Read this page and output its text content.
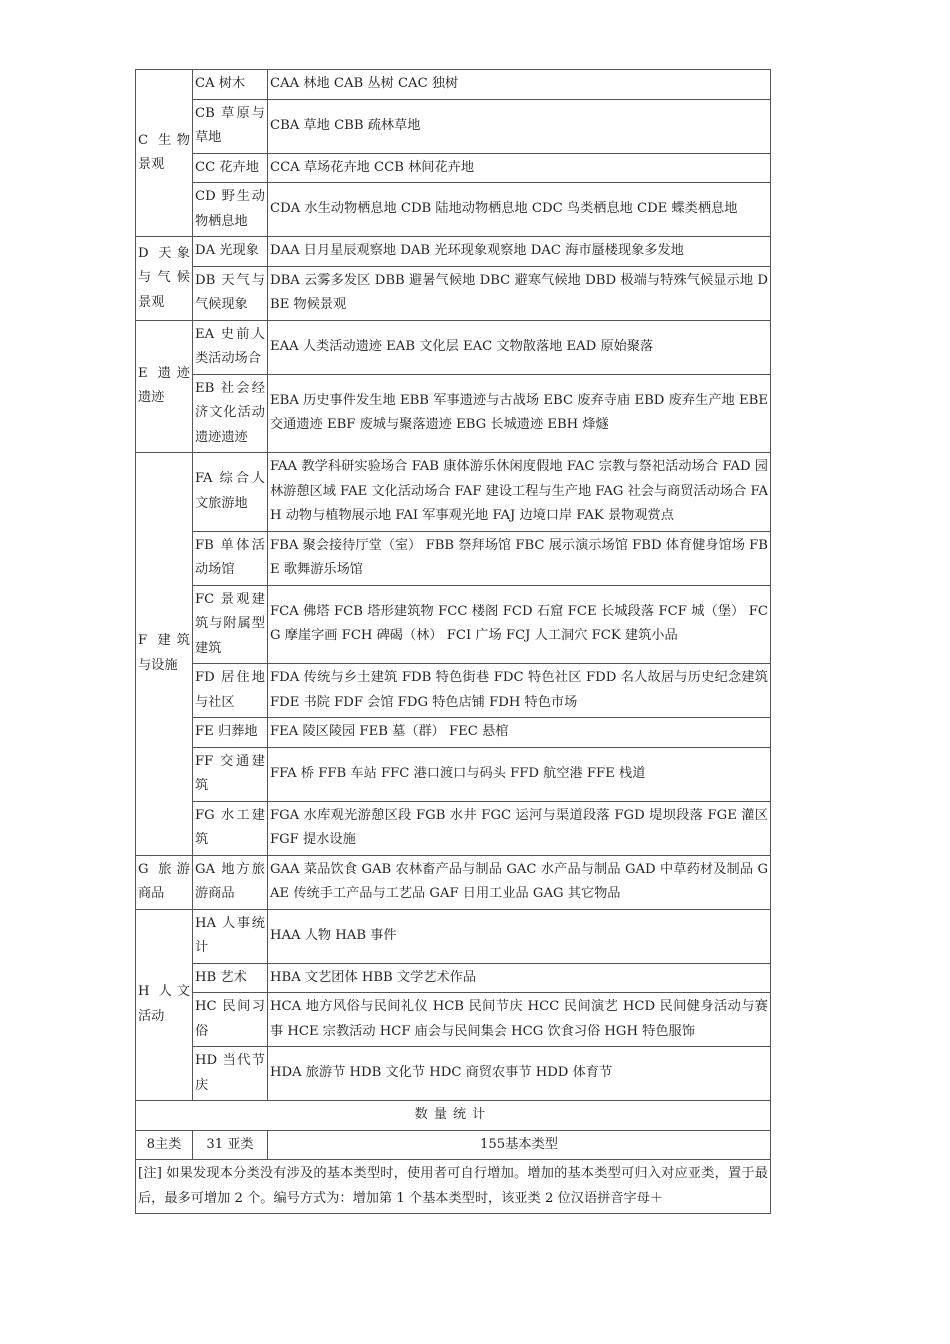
C 生物景观	CA 树木	CAA 林地 CAB 丛树 CAC 独树
	CB 草原与草地	CBA 草地 CBB 疏林草地
	CC 花卉地	CCA 草场花卉地 CCB 林间花卉地
	CD 野生动物栖息地	CDA 水生动物栖息地 CDB 陆地动物栖息地 CDC 鸟类栖息地 CDE 蝶类栖息地
D 天象与气候景观	DA 光现象	DAA 日月星辰观察地 DAB 光环现象观察地 DAC 海市蜃楼现象多发地
	DB 天气与气候现象	DBA 云雾多发区 DBB 避暑气候地 DBC 避寒气候地 DBD 极端与特殊气候显示地 DBE 物候景观
E 遗迹遗迹	EA 史前人类活动场合	EAA 人类活动遗迹 EAB 文化层 EAC 文物散落地 EAD 原始聚落
	EB 社会经济文化活动遗迹遗迹	EBA 历史事件发生地 EBB 军事遗迹与古战场 EBC 废弃寺庙 EBD 废弃生产地 EBE 交通遗迹 EBF 废城与聚落遗迹 EBG 长城遗迹 EBH 烽燧
F 建筑与设施	FA 综合人文旅游地	FAA 教学科研实验场合 FAB 康体游乐休闲度假地 FAC 宗教与祭祀活动场合 FAD 园林游憩区域 FAE 文化活动场合 FAF 建设工程与生产地 FAG 社会与商贸活动场合 FAH 动物与植物展示地 FAI 军事观光地 FAJ 边境口岸 FAK 景物观赏点
	FB 单体活动场馆	FBA 聚会接待厅堂（室） FBB 祭拜场馆 FBC 展示演示场馆 FBD 体育健身馆场 FBE 歌舞游乐场馆
	FC 景观建筑与附属型建筑	FCA 佛塔 FCB 塔形建筑物 FCC 楼阁 FCD 石窟 FCE 长城段落 FCF 城（堡） FCG 摩崖字画 FCH 碑碣（林） FCI 广场 FCJ 人工洞穴 FCK 建筑小品
	FD 居住地与社区	FDA 传统与乡土建筑 FDB 特色街巷 FDC 特色社区 FDD 名人故居与历史纪念建筑 FDE 书院 FDF 会馆 FDG 特色店铺 FDH 特色市场
	FE 归葬地	FEA 陵区陵园 FEB 墓（群） FEC 悬棺
	FF 交通建筑	FFA 桥 FFB 车站 FFC 港口渡口与码头 FFD 航空港 FFE 栈道
	FG 水工建筑	FGA 水库观光游憩区段 FGB 水井 FGC 运河与渠道段落 FGD 堤坝段落 FGE 灌区 FGF 提水设施
G 旅游商品	GA 地方旅游商品	GAA 菜品饮食 GAB 农林畜产品与制品 GAC 水产品与制品 GAD 中草药材及制品 GAE 传统手工产品与工艺品 GAF 日用工业品 GAG 其它物品
H 人文活动	HA 人事统计	HAA 人物 HAB 事件
	HB 艺术	HBA 文艺团体 HBB 文学艺术作品
	HC 民间习俗	HCA 地方风俗与民间礼仪 HCB 民间节庆 HCC 民间演艺 HCD 民间健身活动与赛事 HCE 宗教活动 HCF 庙会与民间集会 HCG 饮食习俗 HGH 特色服饰
	HD 当代节庆	HDA 旅游节 HDB 文化节 HDC 商贸农事节 HDD 体育节
数量统计		
8主类	31 亚类	155基本类型
[注] 如果发现本分类没有涉及的基本类型时，使用者可自行增加。增加的基本类型可归入对应亚类，置于最后，最多可增加 2 个。编号方式为：增加第 1 个基本类型时，该亚类 2 位汉语拼音字母＋		
